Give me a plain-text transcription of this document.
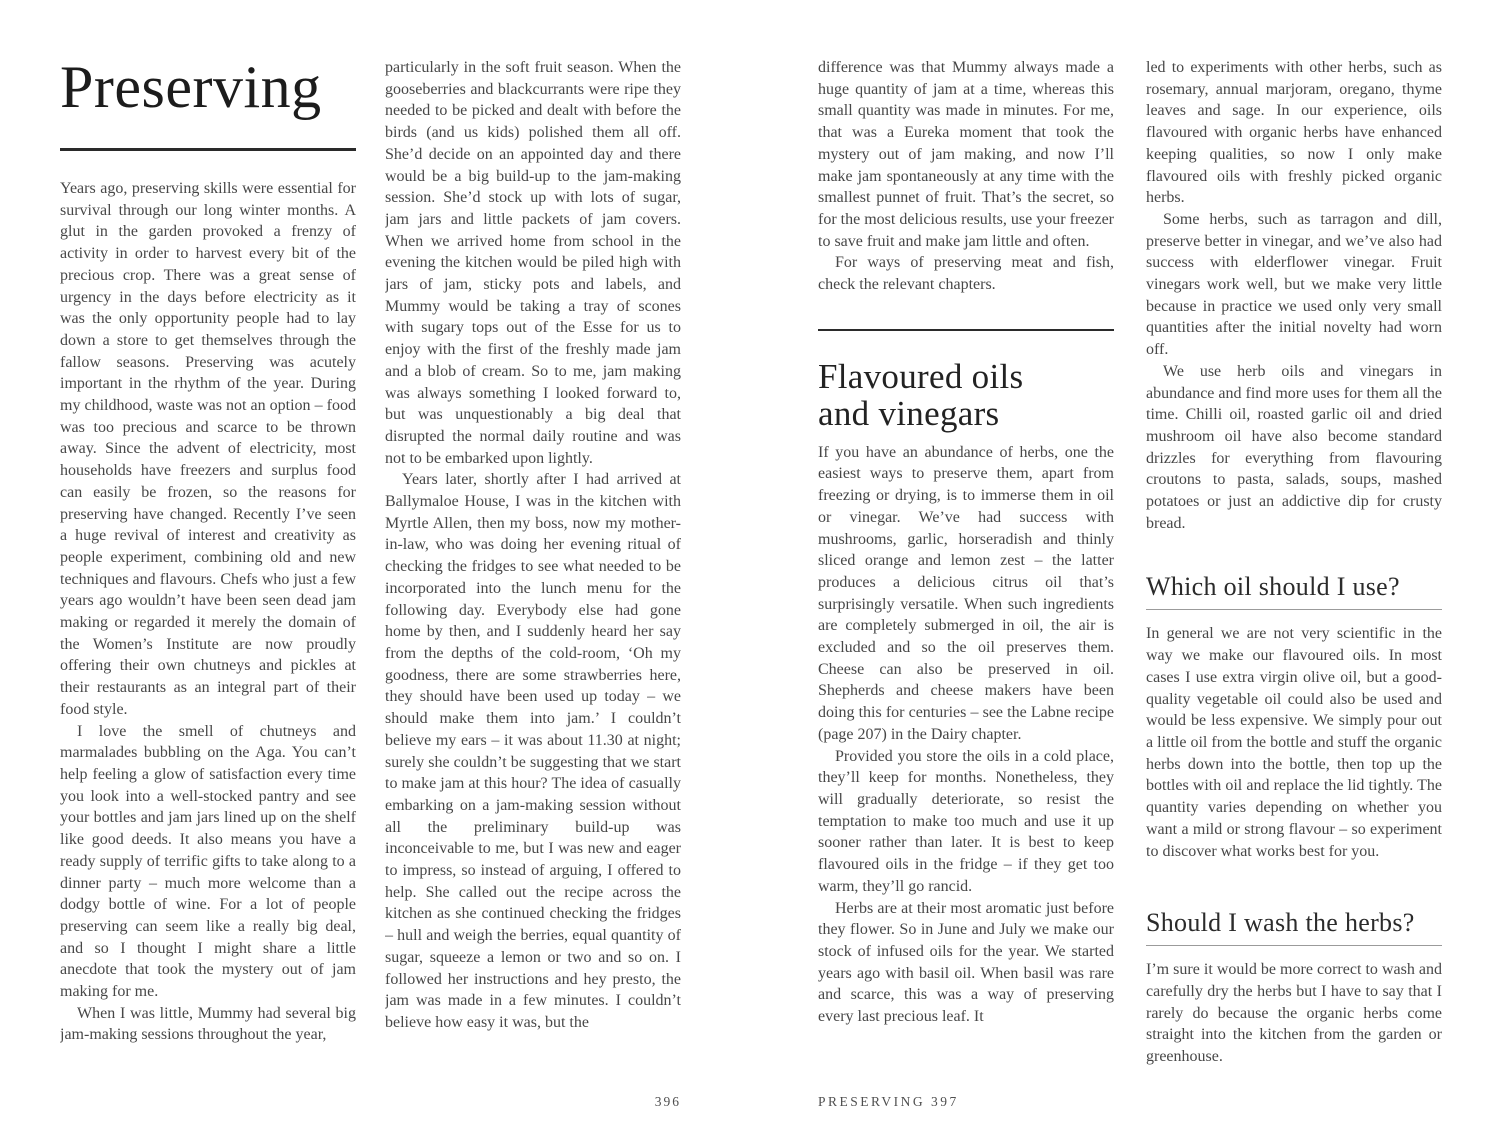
Preserving

Years ago, preserving skills were essential for survival through our long winter months. A glut in the garden provoked a frenzy of activity in order to harvest every bit of the precious crop. There was a great sense of urgency in the days before electricity as it was the only opportunity people had to lay down a store to get themselves through the fallow seasons. Preserving was acutely important in the rhythm of the year. During my childhood, waste was not an option – food was too precious and scarce to be thrown away. Since the advent of electricity, most households have freezers and surplus food can easily be frozen, so the reasons for preserving have changed. Recently I’ve seen a huge revival of interest and creativity as people experiment, combining old and new techniques and flavours. Chefs who just a few years ago wouldn’t have been seen dead jam making or regarded it merely the domain of the Women’s Institute are now proudly offering their own chutneys and pickles at their restaurants as an integral part of their food style.

I love the smell of chutneys and marmalades bubbling on the Aga. You can’t help feeling a glow of satisfaction every time you look into a well-stocked pantry and see your bottles and jam jars lined up on the shelf like good deeds. It also means you have a ready supply of terrific gifts to take along to a dinner party – much more welcome than a dodgy bottle of wine. For a lot of people preserving can seem like a really big deal, and so I thought I might share a little anecdote that took the mystery out of jam making for me.

When I was little, Mummy had several big jam-making sessions throughout the year,

particularly in the soft fruit season. When the gooseberries and blackcurrants were ripe they needed to be picked and dealt with before the birds (and us kids) polished them all off. She’d decide on an appointed day and there would be a big build-up to the jam-making session. She’d stock up with lots of sugar, jam jars and little packets of jam covers. When we arrived home from school in the evening the kitchen would be piled high with jars of jam, sticky pots and labels, and Mummy would be taking a tray of scones with sugary tops out of the Esse for us to enjoy with the first of the freshly made jam and a blob of cream. So to me, jam making was always something I looked forward to, but was unquestionably a big deal that disrupted the normal daily routine and was not to be embarked upon lightly.

Years later, shortly after I had arrived at Ballymaloe House, I was in the kitchen with Myrtle Allen, then my boss, now my mother-in-law, who was doing her evening ritual of checking the fridges to see what needed to be incorporated into the lunch menu for the following day. Everybody else had gone home by then, and I suddenly heard her say from the depths of the cold-room, ‘Oh my goodness, there are some strawberries here, they should have been used up today – we should make them into jam.’ I couldn’t believe my ears – it was about 11.30 at night; surely she couldn’t be suggesting that we start to make jam at this hour? The idea of casually embarking on a jam-making session without all the preliminary build-up was inconceivable to me, but I was new and eager to impress, so instead of arguing, I offered to help. She called out the recipe across the kitchen as she continued checking the fridges – hull and weigh the berries, equal quantity of sugar, squeeze a lemon or two and so on. I followed her instructions and hey presto, the jam was made in a few minutes. I couldn’t believe how easy it was, but the

difference was that Mummy always made a huge quantity of jam at a time, whereas this small quantity was made in minutes. For me, that was a Eureka moment that took the mystery out of jam making, and now I’ll make jam spontaneously at any time with the smallest punnet of fruit. That’s the secret, so for the most delicious results, use your freezer to save fruit and make jam little and often.

For ways of preserving meat and fish, check the relevant chapters.

Flavoured oils
and vinegars

If you have an abundance of herbs, one the easiest ways to preserve them, apart from freezing or drying, is to immerse them in oil or vinegar. We’ve had success with mushrooms, garlic, horseradish and thinly sliced orange and lemon zest – the latter produces a delicious citrus oil that’s surprisingly versatile. When such ingredients are completely submerged in oil, the air is excluded and so the oil preserves them. Cheese can also be preserved in oil. Shepherds and cheese makers have been doing this for centuries – see the Labne recipe (page 207) in the Dairy chapter.

Provided you store the oils in a cold place, they’ll keep for months. Nonetheless, they will gradually deteriorate, so resist the temptation to make too much and use it up sooner rather than later. It is best to keep flavoured oils in the fridge – if they get too warm, they’ll go rancid.

Herbs are at their most aromatic just before they flower. So in June and July we make our stock of infused oils for the year. We started years ago with basil oil. When basil was rare and scarce, this was a way of preserving every last precious leaf. It

led to experiments with other herbs, such as rosemary, annual marjoram, oregano, thyme leaves and sage. In our experience, oils flavoured with organic herbs have enhanced keeping qualities, so now I only make flavoured oils with freshly picked organic herbs.

Some herbs, such as tarragon and dill, preserve better in vinegar, and we’ve also had success with elderflower vinegar. Fruit vinegars work well, but we make very little because in practice we used only very small quantities after the initial novelty had worn off.

We use herb oils and vinegars in abundance and find more uses for them all the time. Chilli oil, roasted garlic oil and dried mushroom oil have also become standard drizzles for everything from flavouring croutons to pasta, salads, soups, mashed potatoes or just an addictive dip for crusty bread.

Which oil should I use?

In general we are not very scientific in the way we make our flavoured oils. In most cases I use extra virgin olive oil, but a good-quality vegetable oil could also be used and would be less expensive. We simply pour out a little oil from the bottle and stuff the organic herbs down into the bottle, then top up the bottles with oil and replace the lid tightly. The quantity varies depending on whether you want a mild or strong flavour – so experiment to discover what works best for you.

Should I wash the herbs?

I’m sure it would be more correct to wash and carefully dry the herbs but I have to say that I rarely do because the organic herbs come straight into the kitchen from the garden or greenhouse.

396	PRESERVING 397
